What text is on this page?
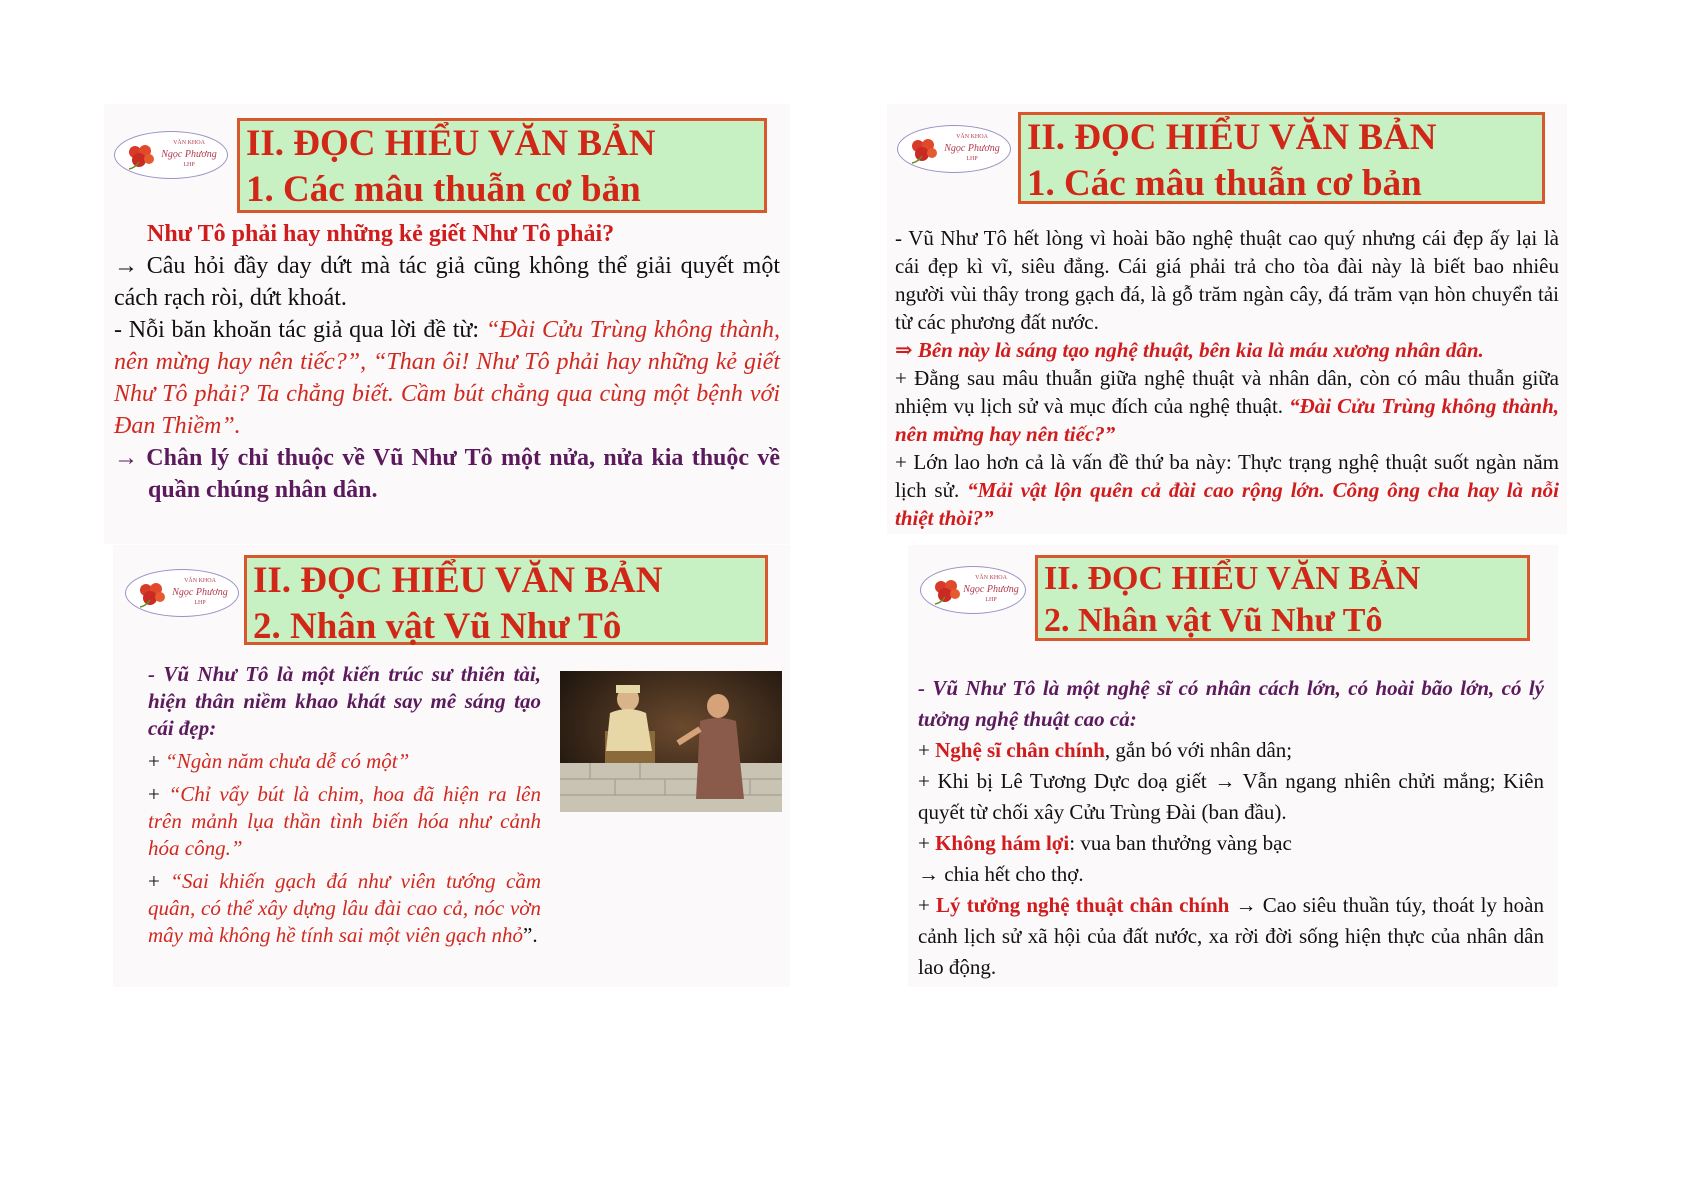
VĂN KHOA
Ngọc Phương
LHP
II. ĐỌC HIỂU VĂN BẢN
1. Các mâu thuẫn cơ bản

Như Tô phải hay những kẻ giết Như Tô phải?

→ Câu hỏi đầy day dứt mà tác giả cũng không thể giải quyết một cách rạch ròi, dứt khoát.

- Nỗi băn khoăn tác giả qua lời đề từ: “Đài Cửu Trùng không thành, nên mừng hay nên tiếc?”, “Than ôi! Như Tô phải hay những kẻ giết Như Tô phải? Ta chẳng biết. Cầm bút chẳng qua cùng một bệnh với Đan Thiềm”.

→ Chân lý chỉ thuộc về Vũ Như Tô một nửa, nửa kia thuộc về quần chúng nhân dân.

VĂN KHOA
Ngọc Phương
LHP
II. ĐỌC HIỂU VĂN BẢN
1. Các mâu thuẫn cơ bản

- Vũ Như Tô hết lòng vì hoài bão nghệ thuật cao quý nhưng cái đẹp ấy lại là cái đẹp kì vĩ, siêu đẳng. Cái giá phải trả cho tòa đài này là biết bao nhiêu người vùi thây trong gạch đá, là gỗ trăm ngàn cây, đá trăm vạn hòn chuyển tải từ các phương đất nước.

⇒ Bên này là sáng tạo nghệ thuật, bên kia là máu xương nhân dân.

+ Đằng sau mâu thuẫn giữa nghệ thuật và nhân dân, còn có mâu thuẫn giữa nhiệm vụ lịch sử và mục đích của nghệ thuật. “Đài Cửu Trùng không thành, nên mừng hay nên tiếc?”

+ Lớn lao hơn cả là vấn đề thứ ba này: Thực trạng nghệ thuật suốt ngàn năm lịch sử. “Mải vật lộn quên cả đài cao rộng lớn. Công ông cha hay là nỗi thiệt thòi?”

VĂN KHOA
Ngọc Phương
LHP
II. ĐỌC HIỂU VĂN BẢN
2. Nhân vật Vũ Như Tô

- Vũ Như Tô là một kiến trúc sư thiên tài, hiện thân niềm khao khát say mê sáng tạo cái đẹp:

+ “Ngàn năm chưa dễ có một”

+ “Chỉ vẩy bút là chim, hoa đã hiện ra lên trên mảnh lụa thần tình biến hóa như cảnh hóa công.”

+ “Sai khiến gạch đá như viên tướng cầm quân, có thể xây dựng lâu đài cao cả, nóc vờn mây mà không hề tính sai một viên gạch nhỏ”.

VĂN KHOA
Ngọc Phương
LHP
II. ĐỌC HIỂU VĂN BẢN
2. Nhân vật Vũ Như Tô

- Vũ Như Tô là một nghệ sĩ có nhân cách lớn, có hoài bão lớn, có lý tưởng nghệ thuật cao cả:

+ Nghệ sĩ chân chính, gắn bó với nhân dân;

+ Khi bị Lê Tương Dực doạ giết → Vẫn ngang nhiên chửi mắng; Kiên quyết từ chối xây Cửu Trùng Đài (ban đầu).

+ Không hám lợi: vua ban thưởng vàng bạc

→ chia hết cho thợ.

+ Lý tưởng nghệ thuật chân chính → Cao siêu thuần túy, thoát ly hoàn cảnh lịch sử xã hội của đất nước, xa rời đời sống hiện thực của nhân dân lao động.
